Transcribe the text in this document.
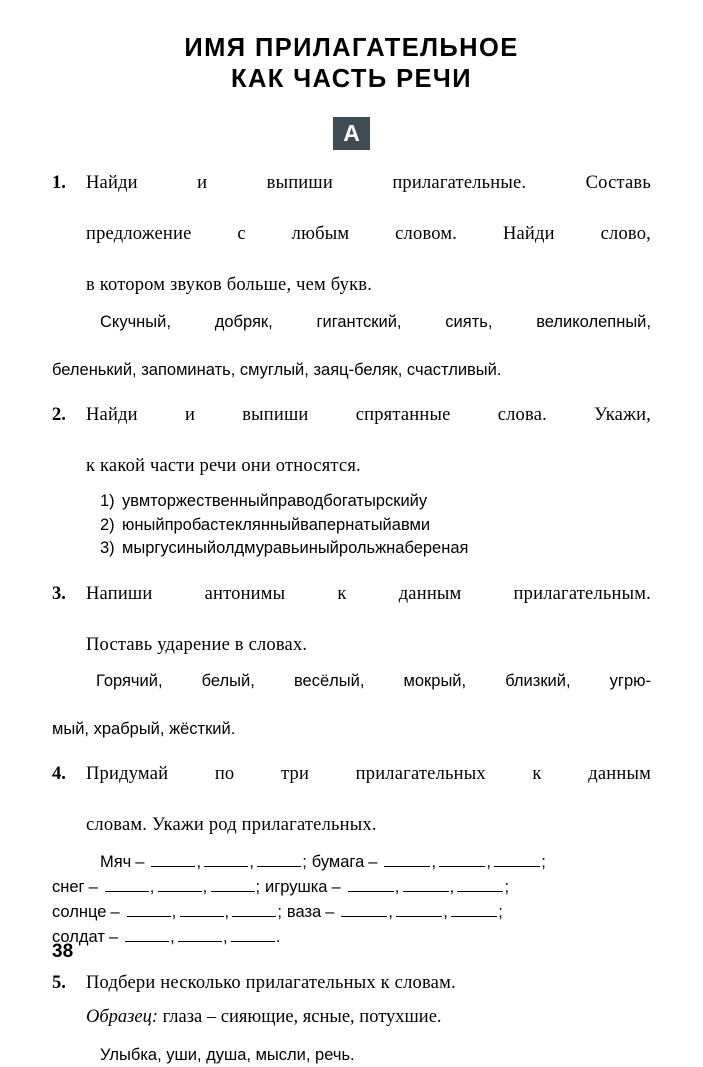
ИМЯ ПРИЛАГАТЕЛЬНОЕ
КАК ЧАСТЬ РЕЧИ
А
1.	Найди и выпиши прилагательные. Составь
предложение с любым словом. Найди слово,
в котором звуков больше, чем букв.
Скучный, добряк, гигантский, сиять, великолепный,
беленький, запоминать, смуглый, заяц-беляк, счастливый.
2.	Найди и выпиши спрятанные слова. Укажи,
к какой части речи они относятся.
1) увмторжественныйправодбогатырскийу
2) юныйпробастеклянныйвапернатыйавми
3) мыргусиныйолдмуравьиныйрольжнабереная
3.	Напиши антонимы к данным прилагательным.
Поставь ударение в словах.
Горячий, белый, весёлый, мокрый, близкий, угрю-
мый, храбрый, жёсткий.
4.	Придумай по три прилагательных к данным
словам. Укажи род прилагательных.
Мяч –	,	,	; бумага –	,	,	;
снег –	,	,	; игрушка –	,	,	;
солнце –	,	,	; ваза –	,	,	;
солдат –	,	,	.
5.	Подбери несколько прилагательных к словам.
Образец: глаза – сияющие, ясные, потухшие.
Улыбка, уши, душа, мысли, речь.
38
